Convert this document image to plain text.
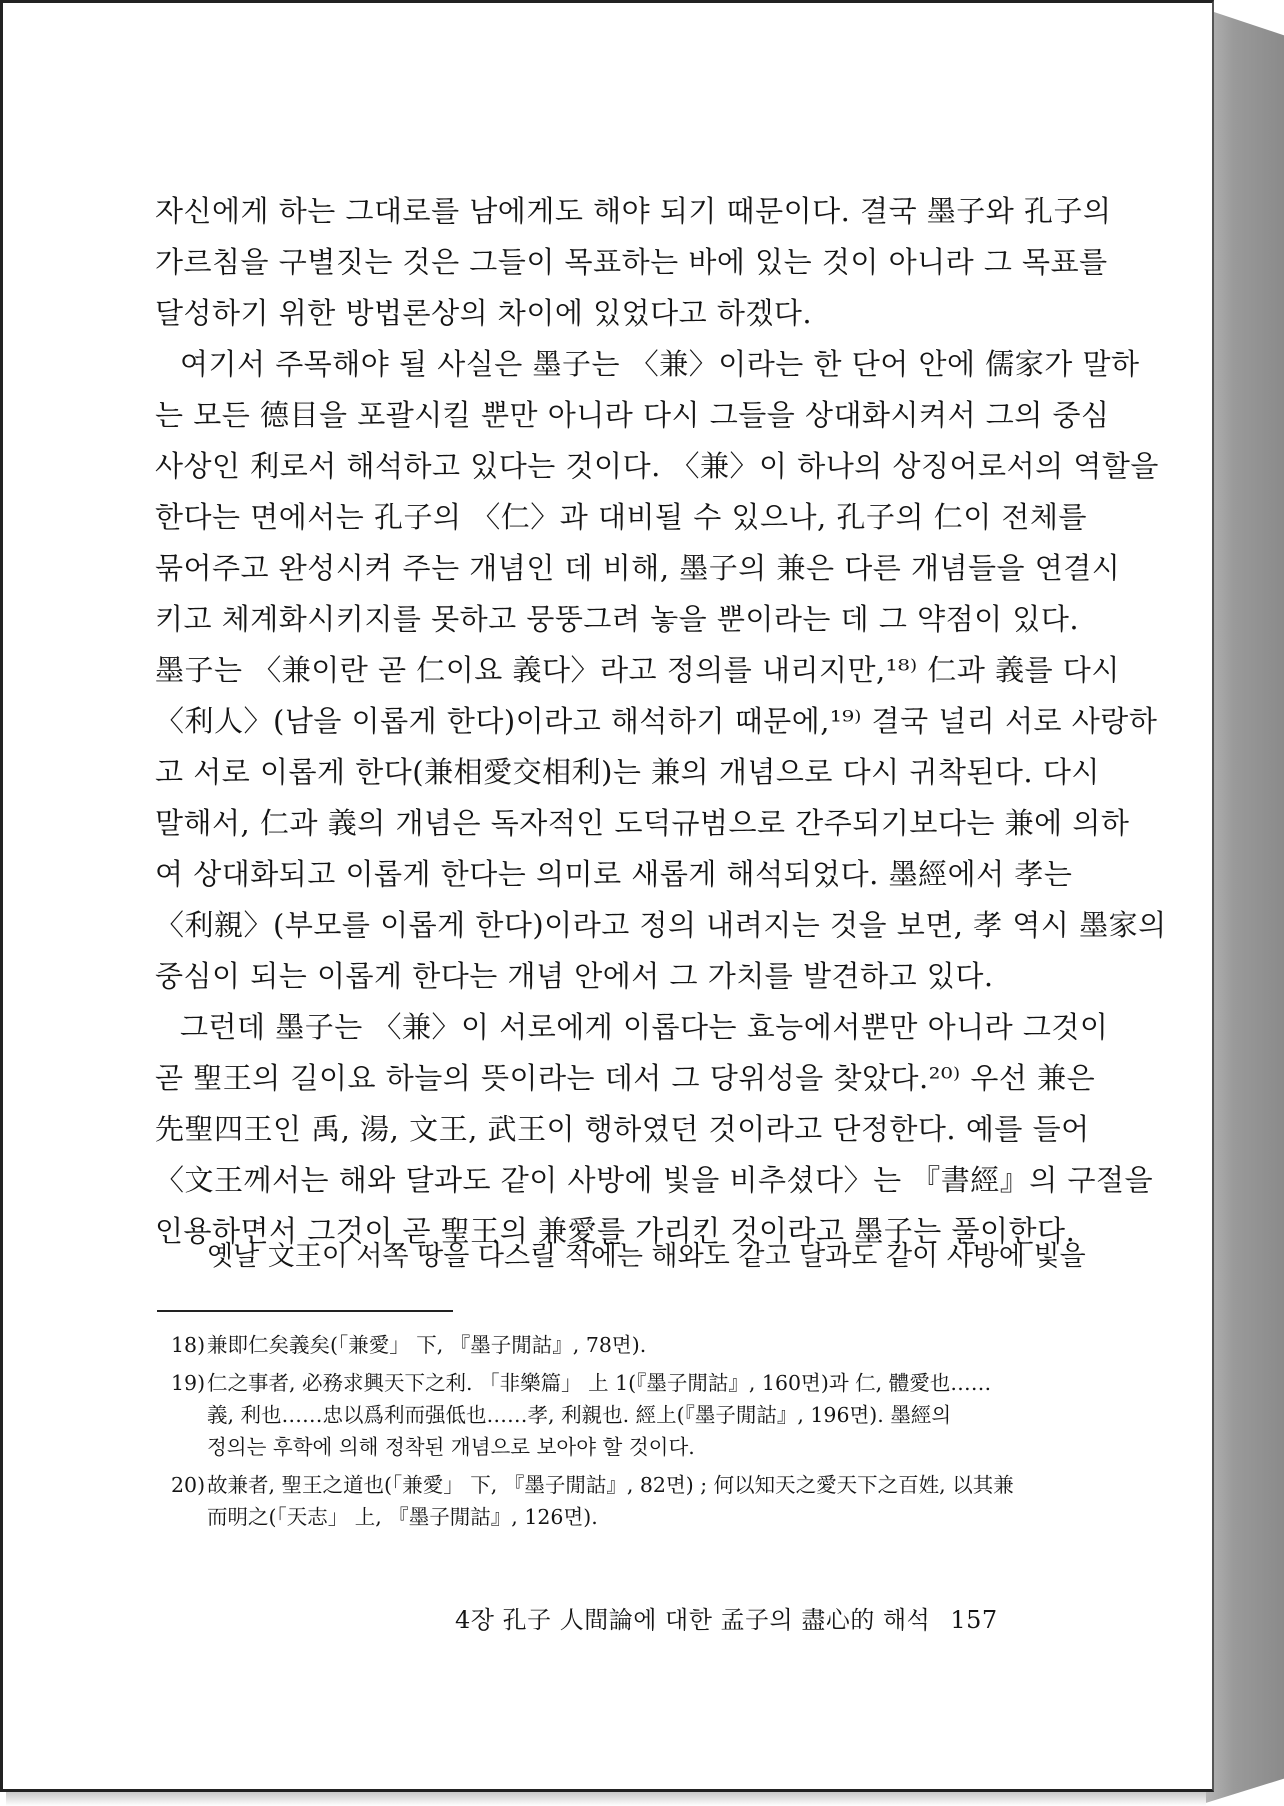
자신에게 하는 그대로를 남에게도 해야 되기 때문이다. 결국 墨子와 孔子의
가르침을 구별짓는 것은 그들이 목표하는 바에 있는 것이 아니라 그 목표를
달성하기 위한 방법론상의 차이에 있었다고 하겠다.
여기서 주목해야 될 사실은 墨子는 〈兼〉이라는 한 단어 안에 儒家가 말하
는 모든 德目을 포괄시킬 뿐만 아니라 다시 그들을 상대화시켜서 그의 중심
사상인 利로서 해석하고 있다는 것이다. 〈兼〉이 하나의 상징어로서의 역할을
한다는 면에서는 孔子의 〈仁〉과 대비될 수 있으나, 孔子의 仁이 전체를
묶어주고 완성시켜 주는 개념인 데 비해, 墨子의 兼은 다른 개념들을 연결시
키고 체계화시키지를 못하고 뭉뚱그려 놓을 뿐이라는 데 그 약점이 있다.
墨子는 〈兼이란 곧 仁이요 義다〉라고 정의를 내리지만,¹⁸⁾ 仁과 義를 다시
〈利人〉(남을 이롭게 한다)이라고 해석하기 때문에,¹⁹⁾ 결국 널리 서로 사랑하
고 서로 이롭게 한다(兼相愛交相利)는 兼의 개념으로 다시 귀착된다. 다시
말해서, 仁과 義의 개념은 독자적인 도덕규범으로 간주되기보다는 兼에 의하
여 상대화되고 이롭게 한다는 의미로 새롭게 해석되었다. 墨經에서 孝는
〈利親〉(부모를 이롭게 한다)이라고 정의 내려지는 것을 보면, 孝 역시 墨家의
중심이 되는 이롭게 한다는 개념 안에서 그 가치를 발견하고 있다.
그런데 墨子는 〈兼〉이 서로에게 이롭다는 효능에서뿐만 아니라 그것이
곧 聖王의 길이요 하늘의 뜻이라는 데서 그 당위성을 찾았다.²⁰⁾ 우선 兼은
先聖四王인 禹, 湯, 文王, 武王이 행하였던 것이라고 단정한다. 예를 들어
〈文王께서는 해와 달과도 같이 사방에 빛을 비추셨다〉는 『書經』의 구절을
인용하면서 그것이 곧 聖王의 兼愛를 가리킨 것이라고 墨子는 풀이한다.
옛날 文王이 서쪽 땅을 다스릴 적에는 해와도 같고 달과도 같이 사방에 빛을
18) 兼即仁矣義矣(「兼愛」 下, 『墨子閒詁』, 78면).
19) 仁之事者, 必務求興天下之利. 「非樂篇」 上 1(『墨子閒詁』, 160면)과 仁, 體愛也……
義, 利也……忠以爲利而强低也……孝, 利親也. 經上(『墨子閒詁』, 196면). 墨經의
정의는 후학에 의해 정착된 개념으로 보아야 할 것이다.
20) 故兼者, 聖王之道也(「兼愛」 下, 『墨子閒詁』, 82면) ; 何以知天之愛天下之百姓, 以其兼
而明之(「天志」 上, 『墨子閒詁』, 126면).
4장 孔子 人間論에 대한 孟子의 盡心的 해석 157
